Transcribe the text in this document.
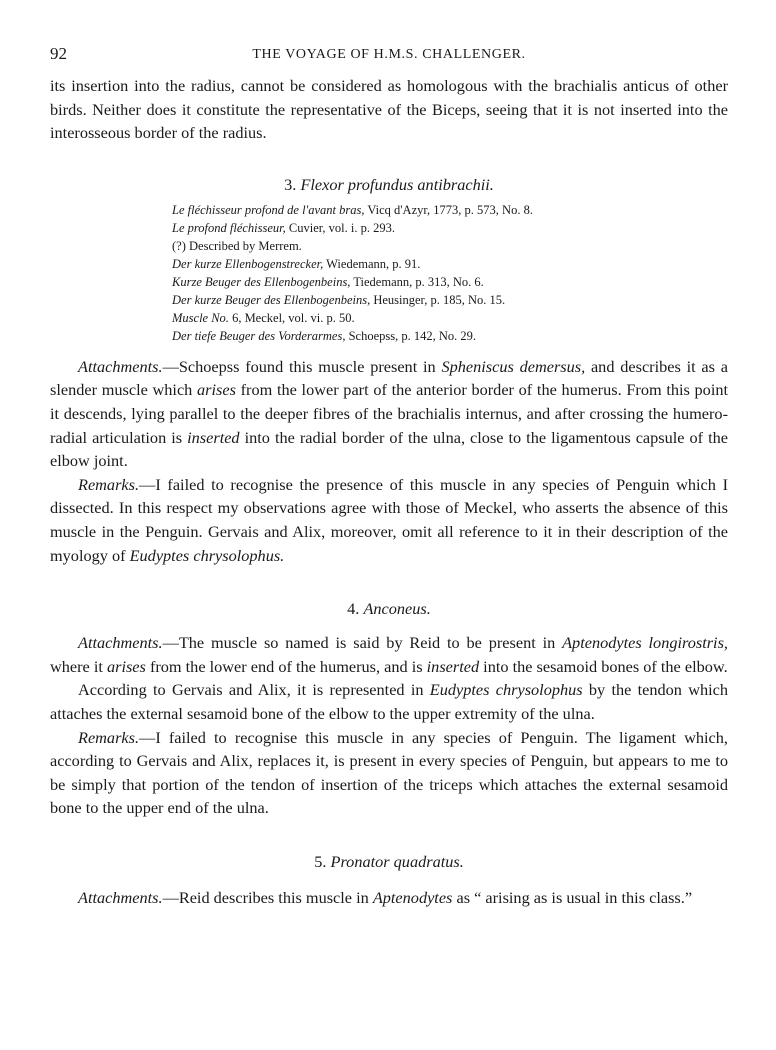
92	THE VOYAGE OF H.M.S. CHALLENGER.

its insertion into the radius, cannot be considered as homologous with the brachialis anticus of other birds. Neither does it constitute the representative of the Biceps, seeing that it is not inserted into the interosseous border of the radius.

3. Flexor profundus antibrachii.
Le fléchisseur profond de l'avant bras, Vicq d'Azyr, 1773, p. 573, No. 8.
Le profond fléchisseur, Cuvier, vol. i. p. 293.
(?) Described by Merrem.
Der kurze Ellenbogenstrecker, Wiedemann, p. 91.
Kurze Beuger des Ellenbogenbeins, Tiedemann, p. 313, No. 6.
Der kurze Beuger des Ellenbogenbeins, Heusinger, p. 185, No. 15.
Muscle No. 6, Meckel, vol. vi. p. 50.
Der tiefe Beuger des Vorderarmes, Schoepss, p. 142, No. 29.

Attachments.—Schoepss found this muscle present in Spheniscus demersus, and describes it as a slender muscle which arises from the lower part of the anterior border of the humerus. From this point it descends, lying parallel to the deeper fibres of the brachialis internus, and after crossing the humero-radial articulation is inserted into the radial border of the ulna, close to the ligamentous capsule of the elbow joint.

Remarks.—I failed to recognise the presence of this muscle in any species of Penguin which I dissected. In this respect my observations agree with those of Meckel, who asserts the absence of this muscle in the Penguin. Gervais and Alix, moreover, omit all reference to it in their description of the myology of Eudyptes chrysolophus.

4. Anconeus.

Attachments.—The muscle so named is said by Reid to be present in Aptenodytes longirostris, where it arises from the lower end of the humerus, and is inserted into the sesamoid bones of the elbow.

According to Gervais and Alix, it is represented in Eudyptes chrysolophus by the tendon which attaches the external sesamoid bone of the elbow to the upper extremity of the ulna.

Remarks.—I failed to recognise this muscle in any species of Penguin. The ligament which, according to Gervais and Alix, replaces it, is present in every species of Penguin, but appears to me to be simply that portion of the tendon of insertion of the triceps which attaches the external sesamoid bone to the upper end of the ulna.

5. Pronator quadratus.

Attachments.—Reid describes this muscle in Aptenodytes as “ arising as is usual in this class.”
